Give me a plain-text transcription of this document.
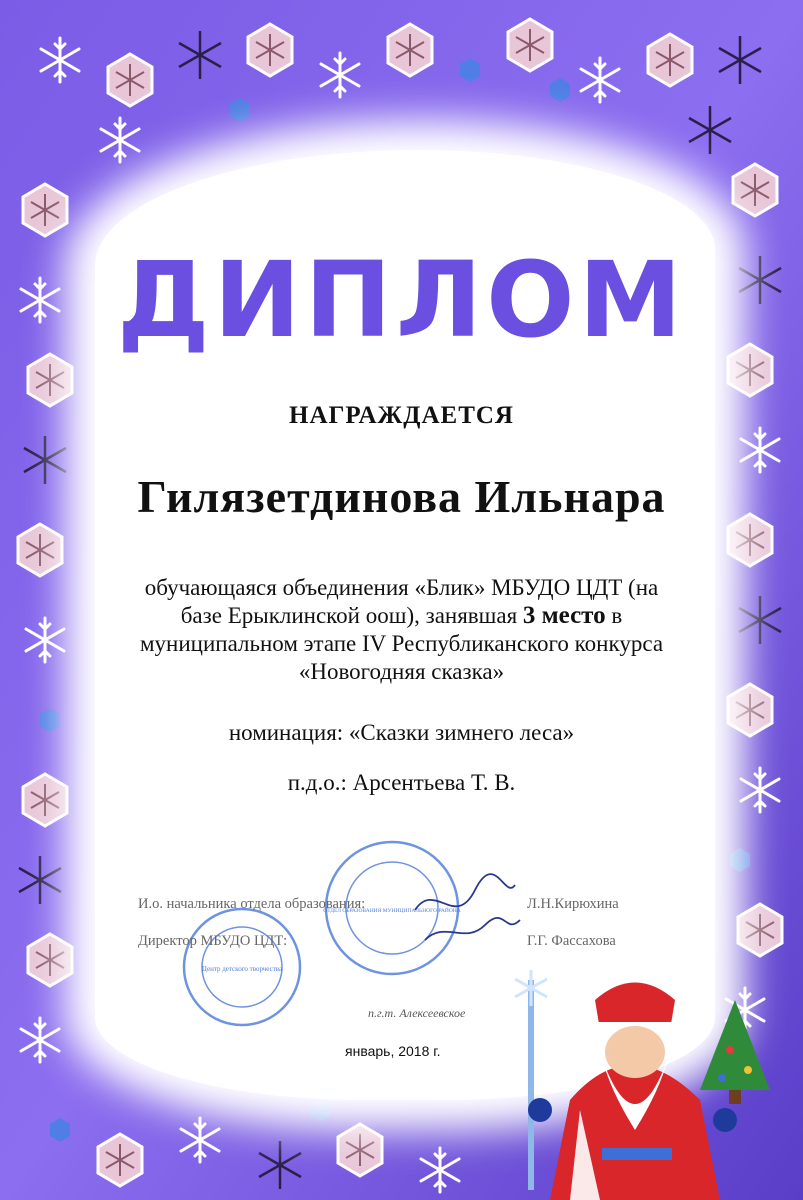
ДИПЛОМ
НАГРАЖДАЕТСЯ
Гилязетдинова Ильнара
обучающаяся объединения «Блик» МБУДО ЦДТ (на
базе Ерыклинской оош), занявшая 3 место в
муниципальном этапе IV Республиканского конкурса
«Новогодняя сказка»
номинация: «Сказки зимнего леса»
п.д.о.: Арсентьева Т. В.
Центр детского творчества
ОТДЕЛ ОБРАЗОВАНИЯ МУНИЦИПАЛЬНОГО РАЙОНА
И.о. начальника отдела образования:	Л.Н.Кирюхина
Директор МБУДО ЦДТ:	Г.Г. Фассахова
п.г.т. Алексеевское
январь, 2018 г.
